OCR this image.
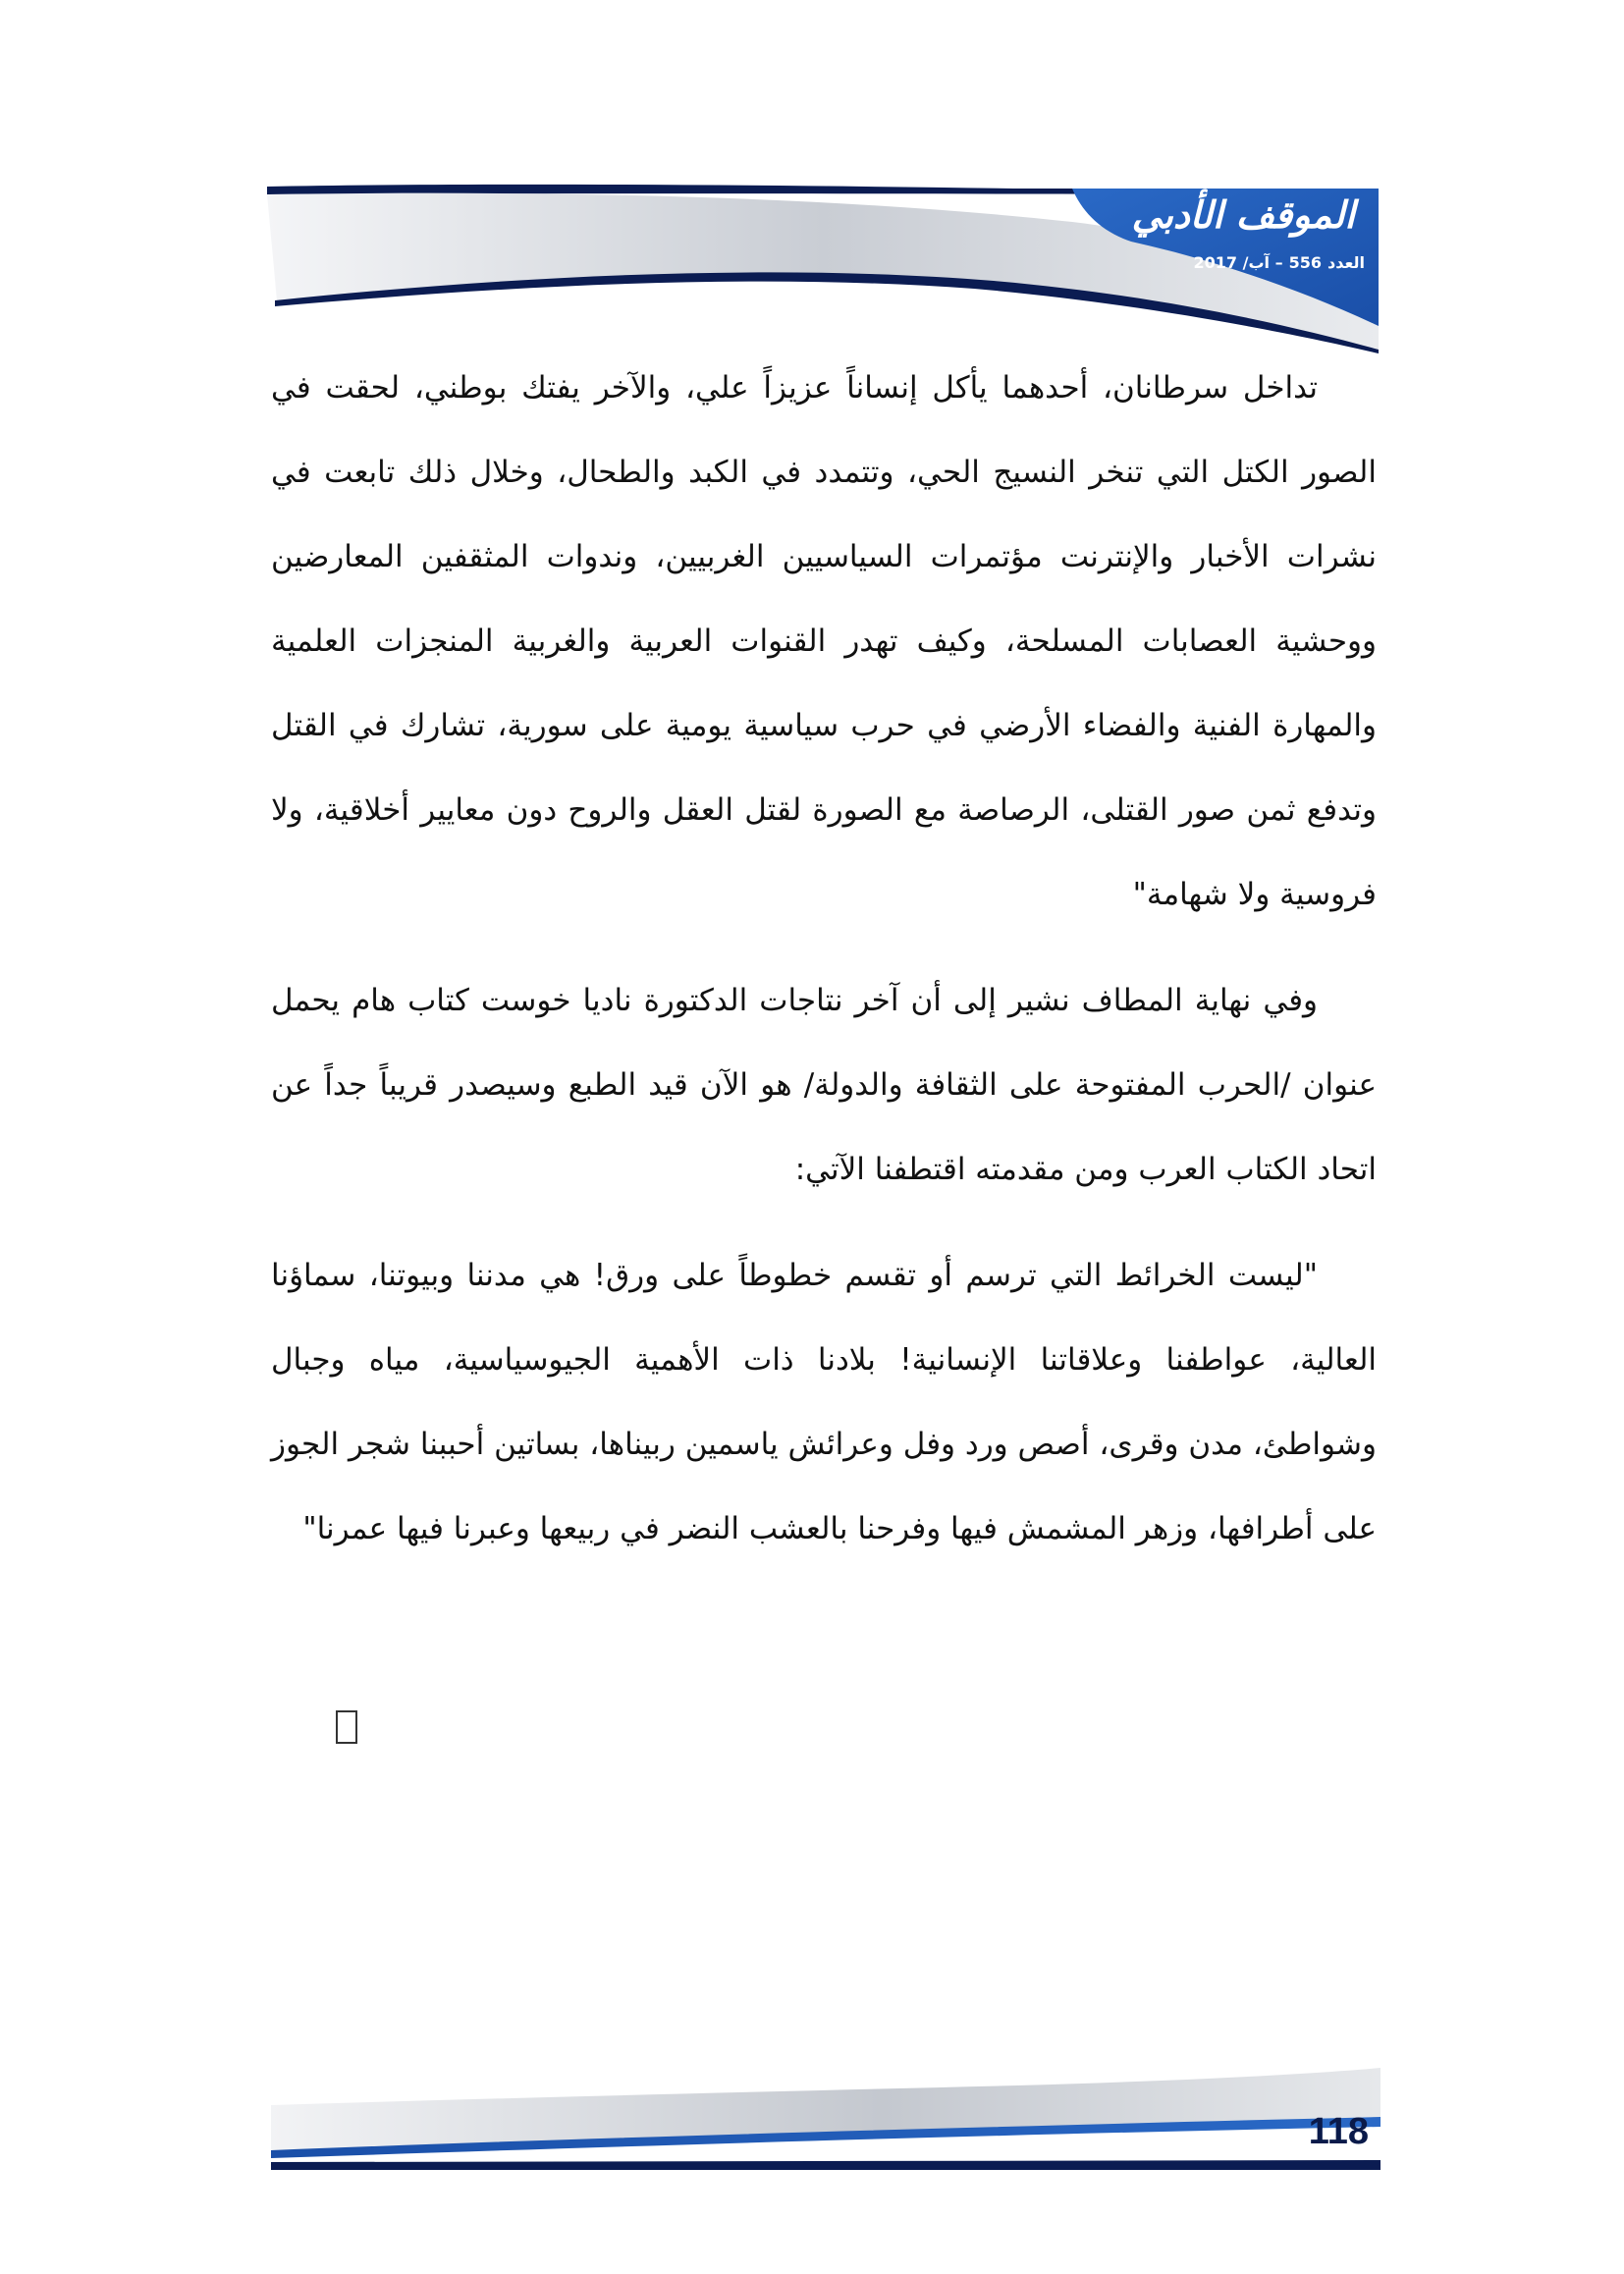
الموقف الأدبي
العدد556– آب/ 2017

تداخل سرطانان، أحدهما يأكل إنساناً عزيزاً علي، والآخر يفتك بوطني، لحقت في الصور الكتل التي تنخر النسيج الحي، وتتمدد في الكبد والطحال، وخلال ذلك تابعت في نشرات الأخبار والإنترنت مؤتمرات السياسيين الغربيين، وندوات المثقفين المعارضين ووحشية العصابات المسلحة، وكيف تهدر القنوات العربية والغربية المنجزات العلمية والمهارة الفنية والفضاء الأرضي في حرب سياسية يومية على سورية، تشارك في القتل وتدفع ثمن صور القتلى، الرصاصة مع الصورة لقتل العقل والروح دون معايير أخلاقية، ولا فروسية ولا شهامة"

وفي نهاية المطاف نشير إلى أن آخر نتاجات الدكتورة ناديا خوست كتاب هام يحمل عنوان /الحرب المفتوحة على الثقافة والدولة/ هو الآن قيد الطبع وسيصدر قريباً جداً عن اتحاد الكتاب العرب ومن مقدمته اقتطفنا الآتي:

"ليست الخرائط التي ترسم أو تقسم خطوطاً على ورق! هي مدننا وبيوتنا، سماؤنا العالية، عواطفنا وعلاقاتنا الإنسانية! بلادنا ذات الأهمية الجيوسياسية، مياه وجبال وشواطئ، مدن وقرى، أصص ورد وفل وعرائش ياسمين ربيناها، بساتين أحببنا شجر الجوز على أطرافها، وزهر المشمش فيها وفرحنا بالعشب النضر في ربيعها وعبرنا فيها عمرنا"

118
